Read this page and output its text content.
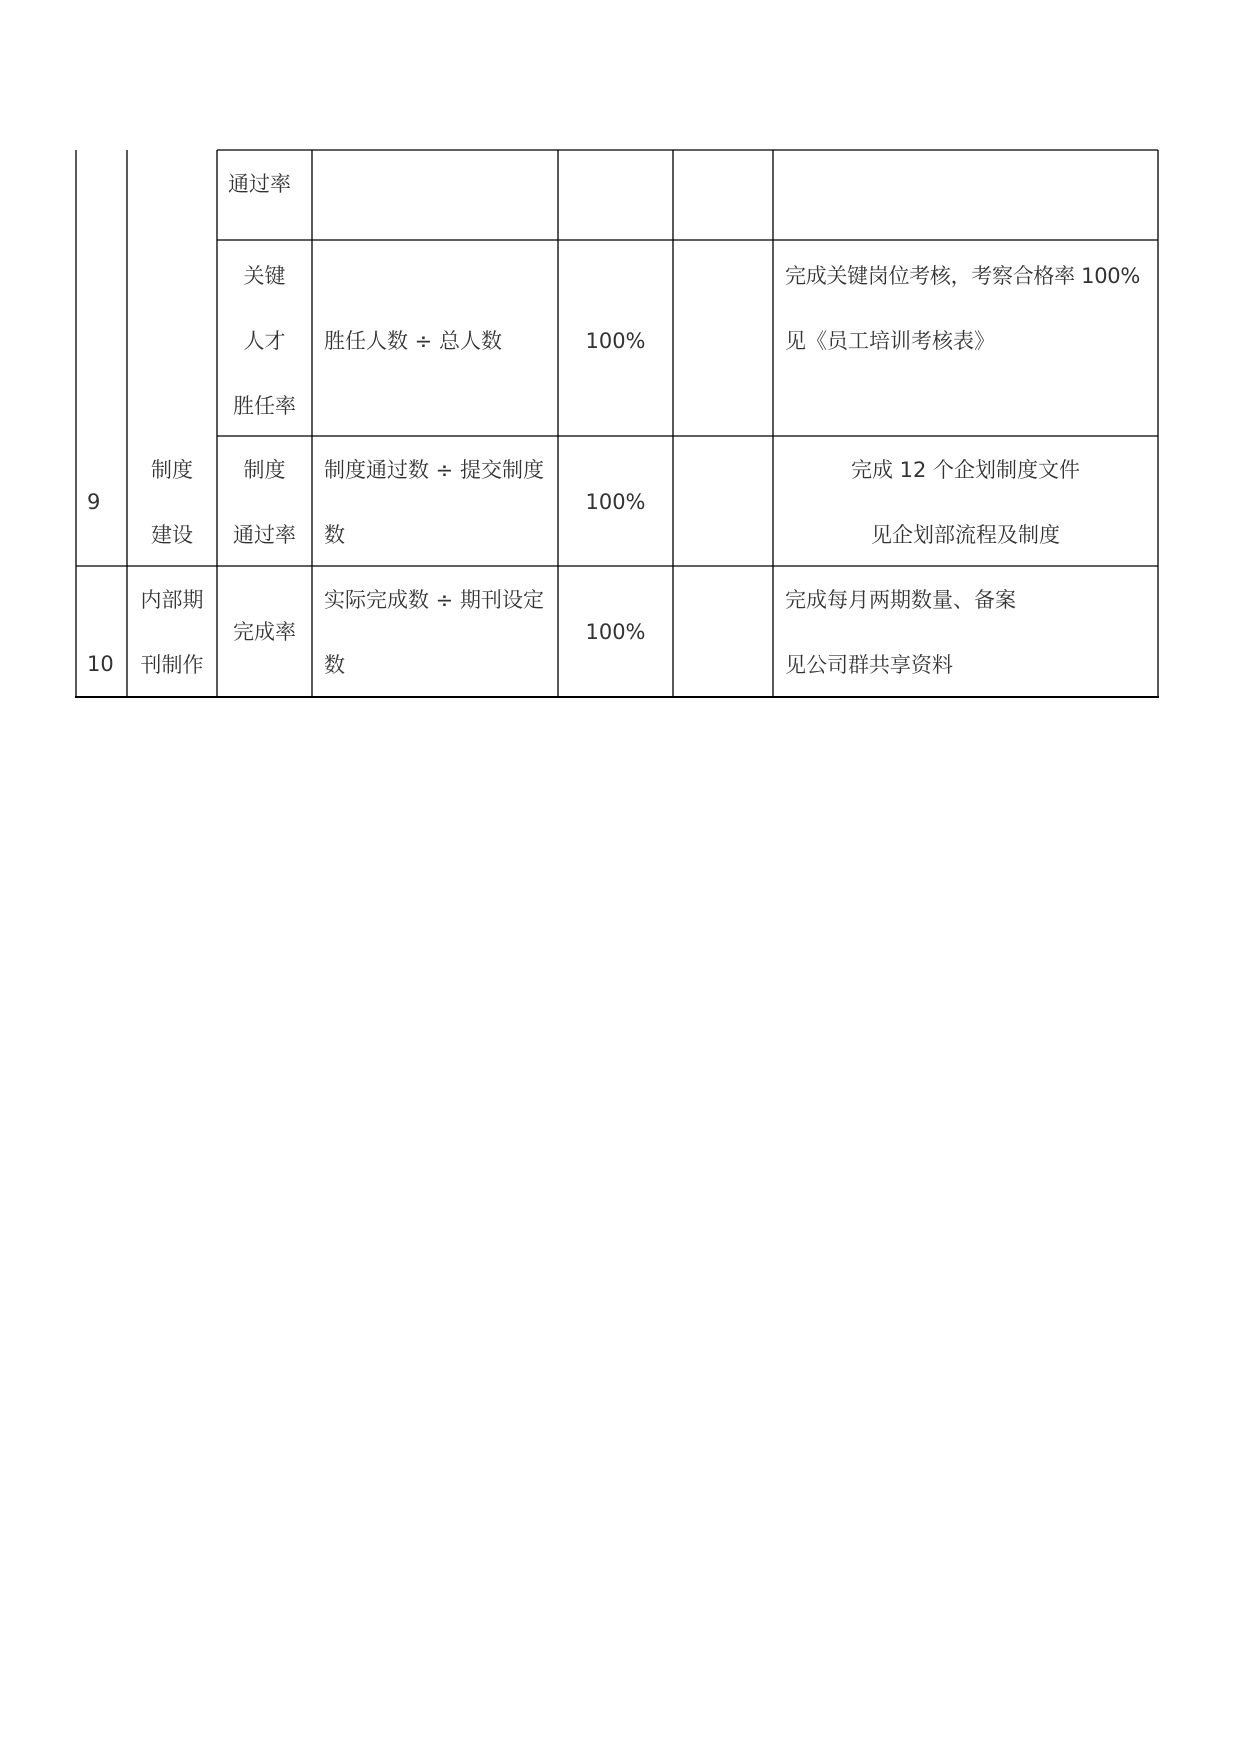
通过率
关键
人才
胜任率
胜任人数 ÷ 总人数	100%
完成关键岗位考核，考察合格率 100%
见《员工培训考核表》
9
制度
建设
制度
通过率
制度通过数 ÷ 提交制度
数
100%
完成 12 个企划制度文件
见企划部流程及制度
10
内部期
刊制作
完成率
实际完成数 ÷ 期刊设定
数
100%
完成每月两期数量、备案
见公司群共享资料
